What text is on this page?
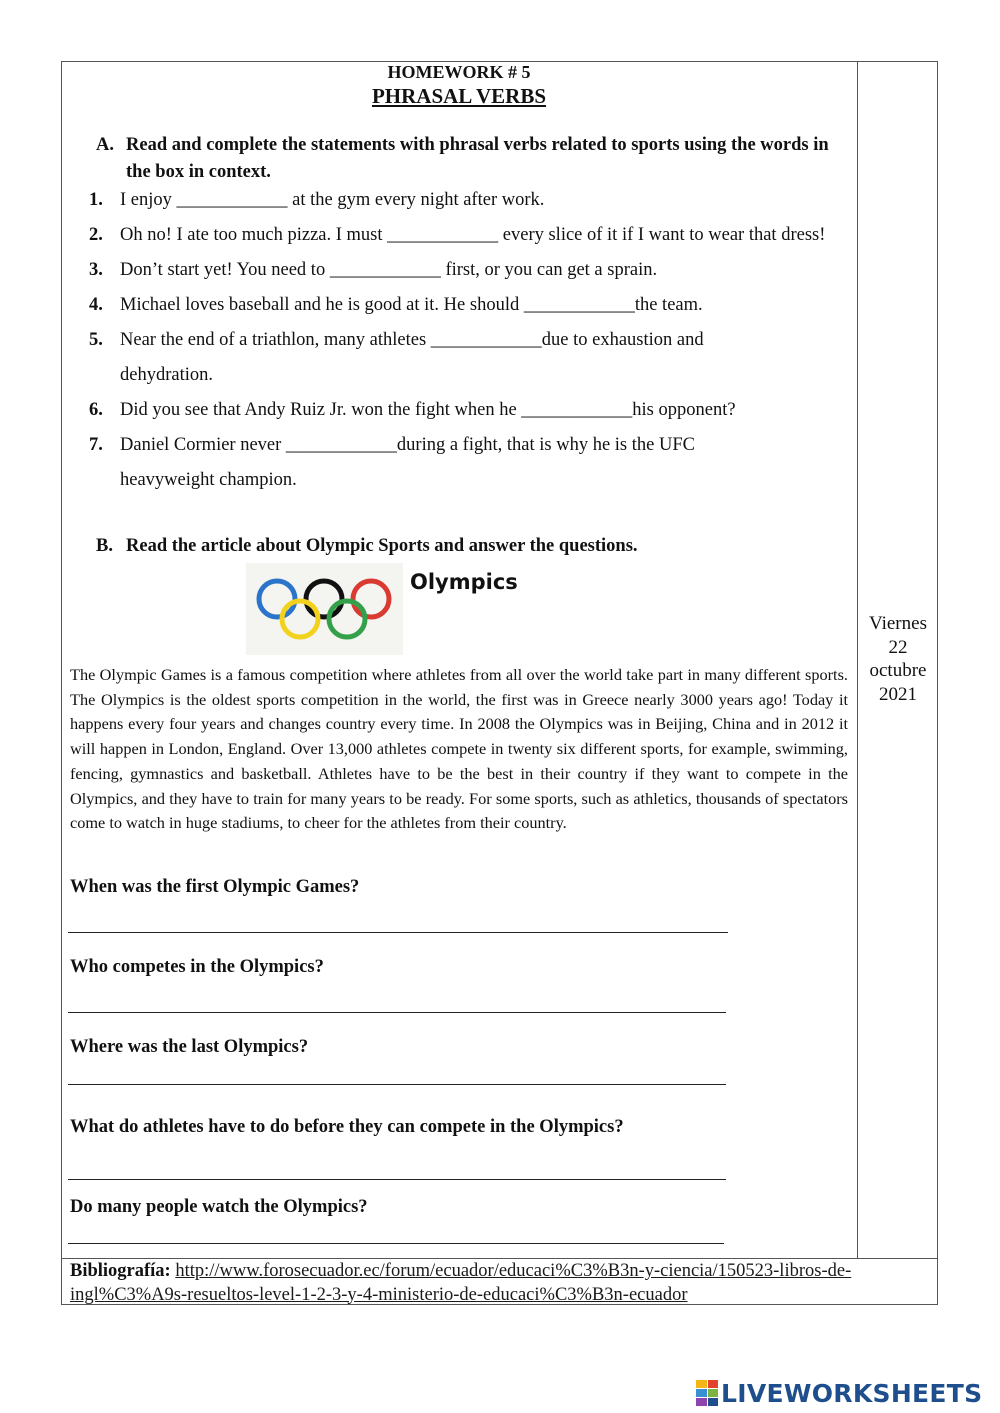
HOMEWORK # 5
PHRASAL VERBS
A. Read and complete the statements with phrasal verbs related to sports using the words in the box in context.
1. I enjoy ____________ at the gym every night after work.
2. Oh no! I ate too much pizza. I must ____________ every slice of it if I want to wear that dress!
3. Don’t start yet! You need to ____________ first, or you can get a sprain.
4. Michael loves baseball and he is good at it. He should ____________the team.
5. Near the end of a triathlon, many athletes ____________due to exhaustion and dehydration.
6. Did you see that Andy Ruiz Jr. won the fight when he ____________his opponent?
7. Daniel Cormier never ____________during a fight, that is why he is the UFC heavyweight champion.
B. Read the article about Olympic Sports and answer the questions.
Olympics
Viernes
22
octubre
2021

The Olympic Games is a famous competition where athletes from all over the world take part in many different sports. The Olympics is the oldest sports competition in the world, the first was in Greece nearly 3000 years ago! Today it happens every four years and changes country every time. In 2008 the Olympics was in Beijing, China and in 2012 it will happen in London, England. Over 13,000 athletes compete in twenty six different sports, for example, swimming, fencing, gymnastics and basketball. Athletes have to be the best in their country if they want to compete in the Olympics, and they have to train for many years to be ready. For some sports, such as athletics, thousands of spectators come to watch in huge stadiums, to cheer for the athletes from their country.

When was the first Olympic Games?
Who competes in the Olympics?
Where was the last Olympics?
What do athletes have to do before they can compete in the Olympics?
Do many people watch the Olympics?
Bibliografía: http://www.forosecuador.ec/forum/ecuador/educaci%C3%B3n-y-ciencia/150523-libros-de-ingl%C3%A9s-resueltos-level-1-2-3-y-4-ministerio-de-educaci%C3%B3n-ecuador
LIVEWORKSHEETS
